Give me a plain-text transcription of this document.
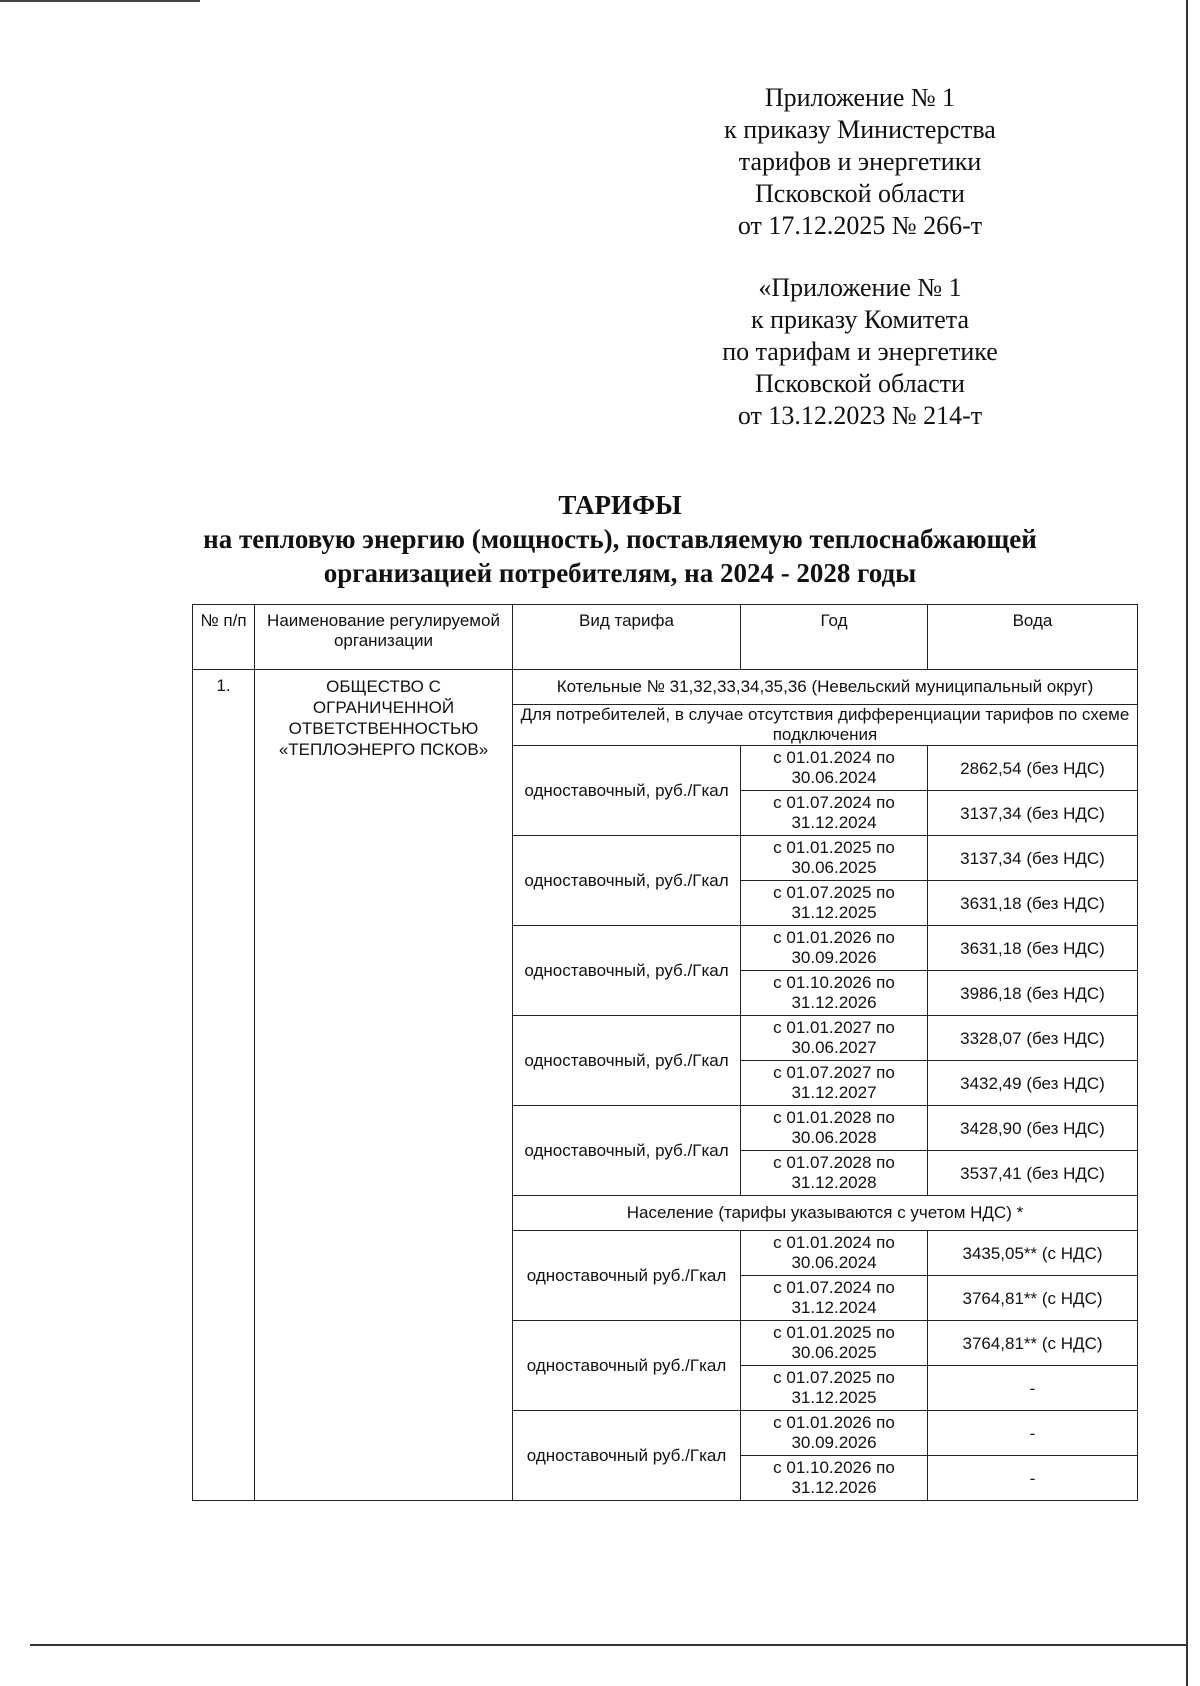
Приложение № 1
к приказу Министерства
тарифов и энергетики
Псковской области
от 17.12.2025 № 266-т
«Приложение № 1
к приказу Комитета
по тарифам и энергетике
Псковской области
от 13.12.2023 № 214-т
ТАРИФЫ
на тепловую энергию (мощность), поставляемую теплоснабжающей
организацией потребителям, на 2024 - 2028 годы
№ п/п	Наименование регулируемой организации	Вид тарифа	Год	Вода
1.	ОБЩЕСТВО С ОГРАНИЧЕННОЙ ОТВЕТСТВЕННОСТЬЮ «ТЕПЛОЭНЕРГО ПСКОВ»	Котельные № 31,32,33,34,35,36 (Невельский муниципальный округ)		
		Для потребителей, в случае отсутствия дифференциации тарифов по схеме подключения		
		одноставочный, руб./Гкал	с 01.01.2024 по 30.06.2024	2862,54 (без НДС)
			с 01.07.2024 по 31.12.2024	3137,34 (без НДС)
		одноставочный, руб./Гкал	с 01.01.2025 по 30.06.2025	3137,34 (без НДС)
			с 01.07.2025 по 31.12.2025	3631,18 (без НДС)
		одноставочный, руб./Гкал	с 01.01.2026 по 30.09.2026	3631,18 (без НДС)
			с 01.10.2026 по 31.12.2026	3986,18 (без НДС)
		одноставочный, руб./Гкал	с 01.01.2027 по 30.06.2027	3328,07 (без НДС)
			с 01.07.2027 по 31.12.2027	3432,49 (без НДС)
		одноставочный, руб./Гкал	с 01.01.2028 по 30.06.2028	3428,90 (без НДС)
			с 01.07.2028 по 31.12.2028	3537,41 (без НДС)
		Население (тарифы указываются с учетом НДС) *		
		одноставочный руб./Гкал	с 01.01.2024 по 30.06.2024	3435,05** (с НДС)
			с 01.07.2024 по 31.12.2024	3764,81** (с НДС)
		одноставочный руб./Гкал	с 01.01.2025 по 30.06.2025	3764,81** (с НДС)
			с 01.07.2025 по 31.12.2025	-
		одноставочный руб./Гкал	с 01.01.2026 по 30.09.2026	-
			с 01.10.2026 по 31.12.2026	-
